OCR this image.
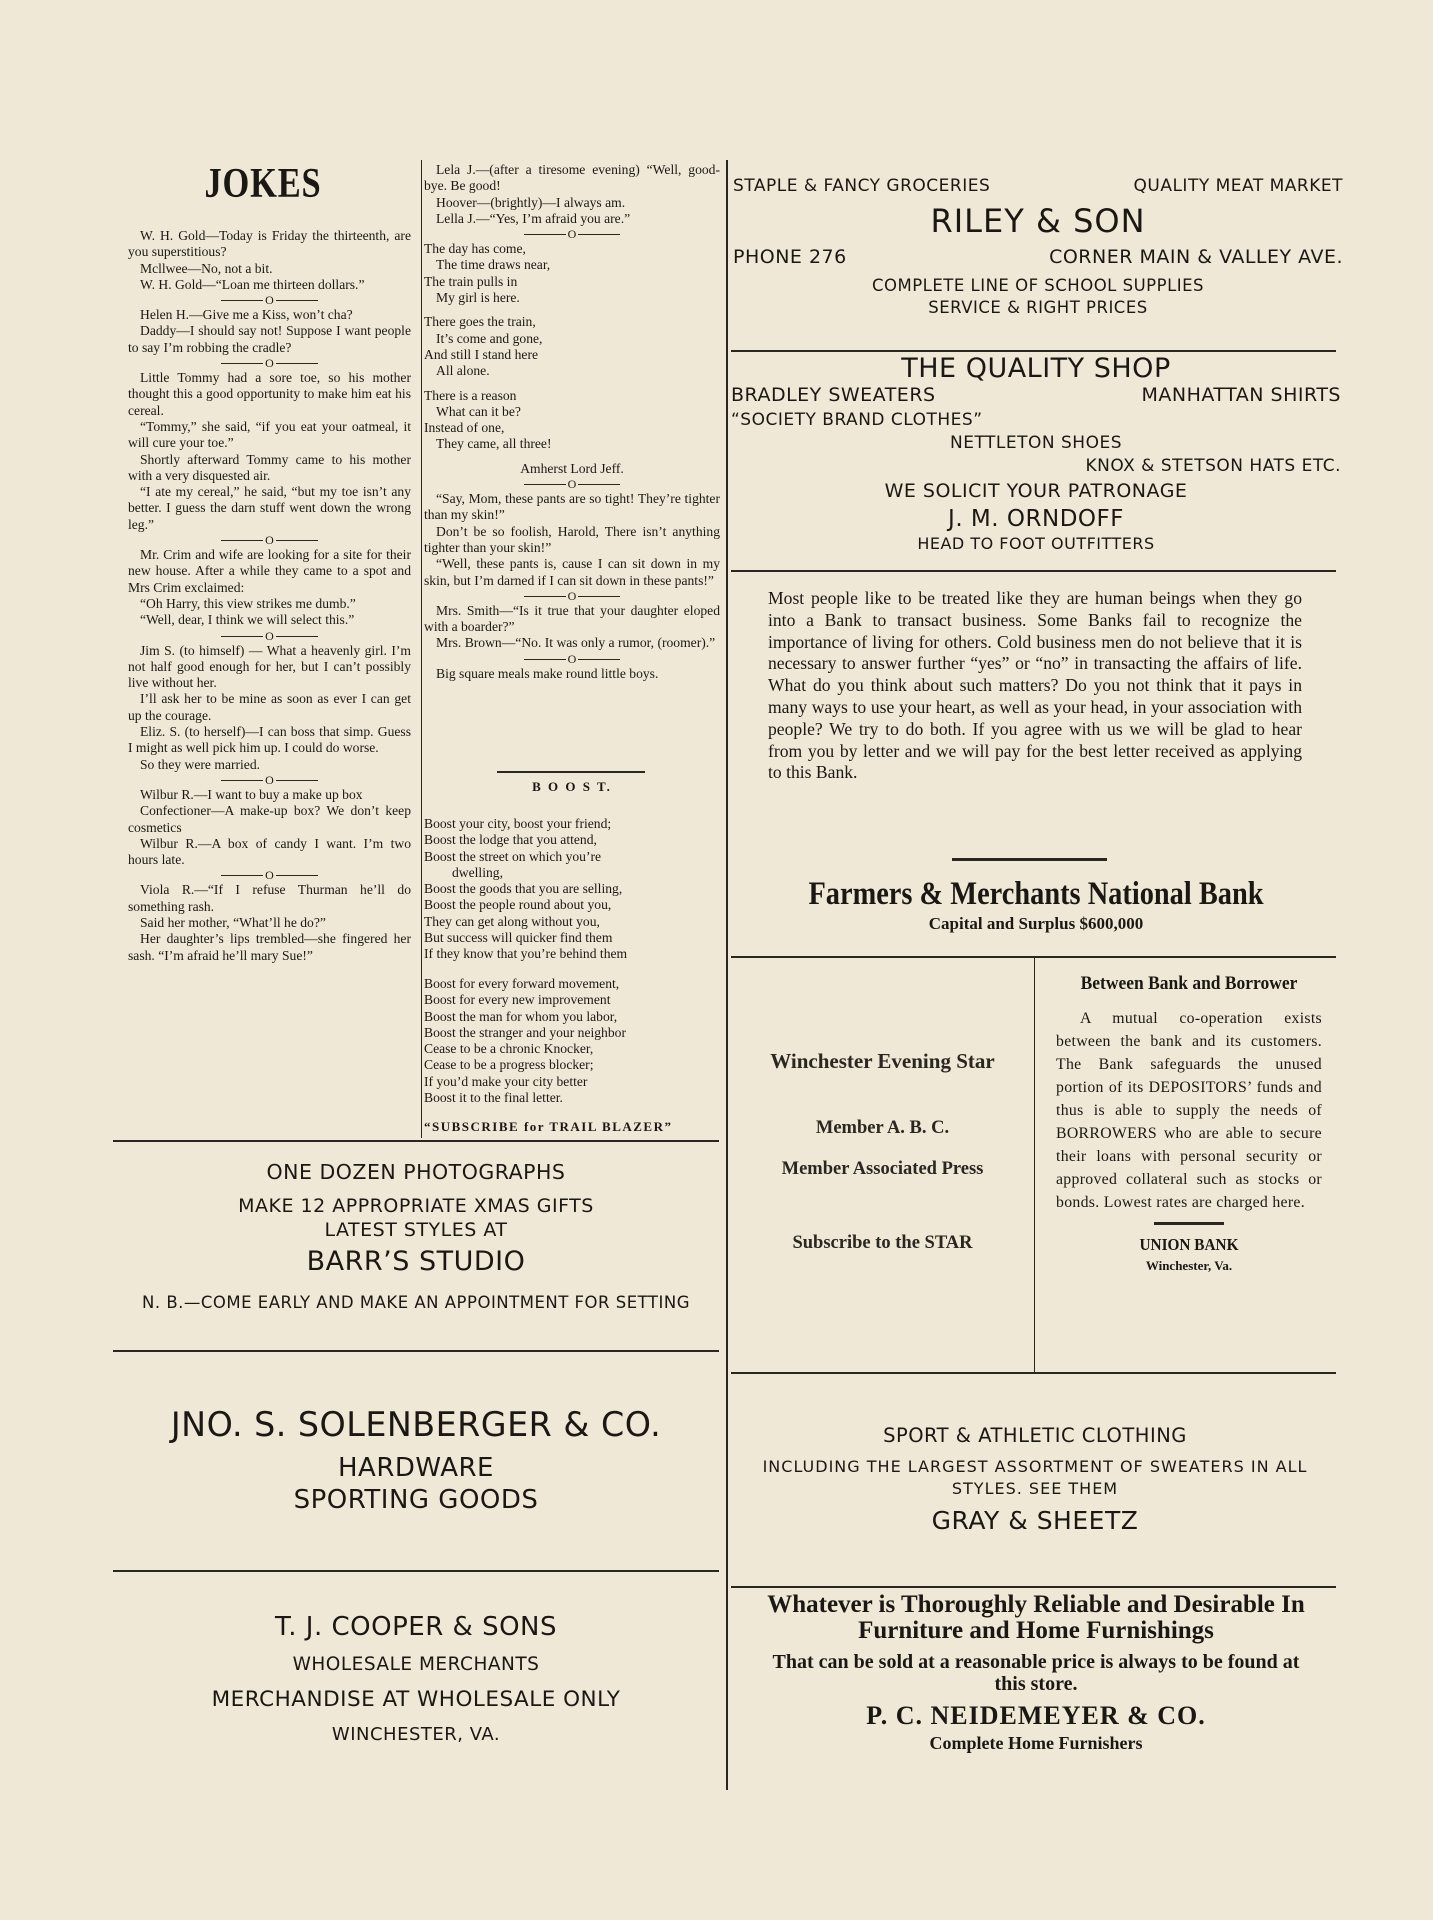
JOKES

W. H. Gold—Today is Friday the thirteenth, are you superstitious?

Mcllwee—No, not a bit.

W. H. Gold—“Loan me thirteen dollars.”

O

Helen H.—Give me a Kiss, won’t cha?

Daddy—I should say not! Suppose I want people to say I’m robbing the cradle?

O

Little Tommy had a sore toe, so his mother thought this a good opportunity to make him eat his cereal.

“Tommy,” she said, “if you eat your oatmeal, it will cure your toe.”

Shortly afterward Tommy came to his mother with a very disquested air.

“I ate my cereal,” he said, “but my toe isn’t any better. I guess the darn stuff went down the wrong leg.”

O

Mr. Crim and wife are looking for a site for their new house. After a while they came to a spot and Mrs Crim exclaimed:

“Oh Harry, this view strikes me dumb.”

“Well, dear, I think we will select this.”

O

Jim S. (to himself) — What a heavenly girl. I’m not half good enough for her, but I can’t possibly live without her.

I’ll ask her to be mine as soon as ever I can get up the courage.

Eliz. S. (to herself)—I can boss that simp. Guess I might as well pick him up. I could do worse.

So they were married.

O

Wilbur R.—I want to buy a make up box

Confectioner—A make-up box? We don’t keep cosmetics

Wilbur R.—A box of candy I want. I’m two hours late.

O

Viola R.—“If I refuse Thurman he’ll do something rash.

Said her mother, “What’ll he do?”

Her daughter’s lips trembled—she fingered her sash. “I’m afraid he’ll mary Sue!”

Lela J.—(after a tiresome evening) “Well, good-bye. Be good!

Hoover—(brightly)—I always am.

Lella J.—“Yes, I’m afraid you are.”

O

The day has come,

The time draws near,

The train pulls in

My girl is here.

There goes the train,

It’s come and gone,

And still I stand here

All alone.

There is a reason

What can it be?

Instead of one,

They came, all three!

Amherst Lord Jeff.

O

“Say, Mom, these pants are so tight! They’re tighter than my skin!”

Don’t be so foolish, Harold, There isn’t anything tighter than your skin!”

“Well, these pants is, cause I can sit down in my skin, but I’m darned if I can sit down in these pants!”

O

Mrs. Smith—“Is it true that your daughter eloped with a boarder?”

Mrs. Brown—“No. It was only a rumor, (roomer).”

O

Big square meals make round little boys.

B O O S T.
Boost your city, boost your friend;
Boost the lodge that you attend,
Boost the street on which you’re
dwelling,
Boost the goods that you are selling,
Boost the people round about you,
They can get along without you,
But success will quicker find them
If they know that you’re behind them
Boost for every forward movement,
Boost for every new improvement
Boost the man for whom you labor,
Boost the stranger and your neighbor
Cease to be a chronic Knocker,
Cease to be a progress blocker;
If you’d make your city better
Boost it to the final letter.
“SUBSCRIBE for TRAIL BLAZER”
STAPLE & FANCY GROCERIES	QUALITY MEAT MARKET
RILEY & SON
PHONE 276	CORNER MAIN & VALLEY AVE.
COMPLETE LINE OF SCHOOL SUPPLIES
SERVICE & RIGHT PRICES
THE QUALITY SHOP
BRADLEY SWEATERS	MANHATTAN SHIRTS
“SOCIETY BRAND CLOTHES”
NETTLETON SHOES
KNOX & STETSON HATS ETC.
WE SOLICIT YOUR PATRONAGE
J. M. ORNDOFF
HEAD TO FOOT OUTFITTERS
Most people like to be treated like they are human beings when they go into a Bank to transact business. Some Banks fail to recognize the importance of living for others. Cold business men do not believe that it is necessary to answer further “yes” or “no” in transacting the affairs of life. What do you think about such matters? Do you not think that it pays in many ways to use your heart, as well as your head, in your association with people? We try to do both. If you agree with us we will be glad to hear from you by letter and we will pay for the best letter received as applying to this Bank.
Farmers & Merchants National Bank
Capital and Surplus $600,000
Winchester Evening Star
Member A. B. C.
Member Associated Press
Subscribe to the STAR
Between Bank and Borrower
A mutual co-operation exists between the bank and its customers. The Bank safeguards the unused portion of its DEPOSITORS’ funds and thus is able to supply the needs of BORROWERS who are able to secure their loans with personal security or approved collateral such as stocks or bonds. Lowest rates are charged here.
UNION BANK
Winchester, Va.
ONE DOZEN PHOTOGRAPHS
MAKE 12 APPROPRIATE XMAS GIFTS
LATEST STYLES AT
BARR’S STUDIO
N. B.—COME EARLY AND MAKE AN APPOINTMENT FOR SETTING
JNO. S. SOLENBERGER & CO.
HARDWARE
SPORTING GOODS
SPORT & ATHLETIC CLOTHING
INCLUDING THE LARGEST ASSORTMENT OF SWEATERS IN ALL STYLES. SEE THEM
GRAY & SHEETZ
T. J. COOPER & SONS
WHOLESALE MERCHANTS
MERCHANDISE AT WHOLESALE ONLY
WINCHESTER, VA.
Whatever is Thoroughly Reliable and Desirable In Furniture and Home Furnishings
That can be sold at a reasonable price is always to be found at this store.
P. C. NEIDEMEYER & CO.
Complete Home Furnishers
